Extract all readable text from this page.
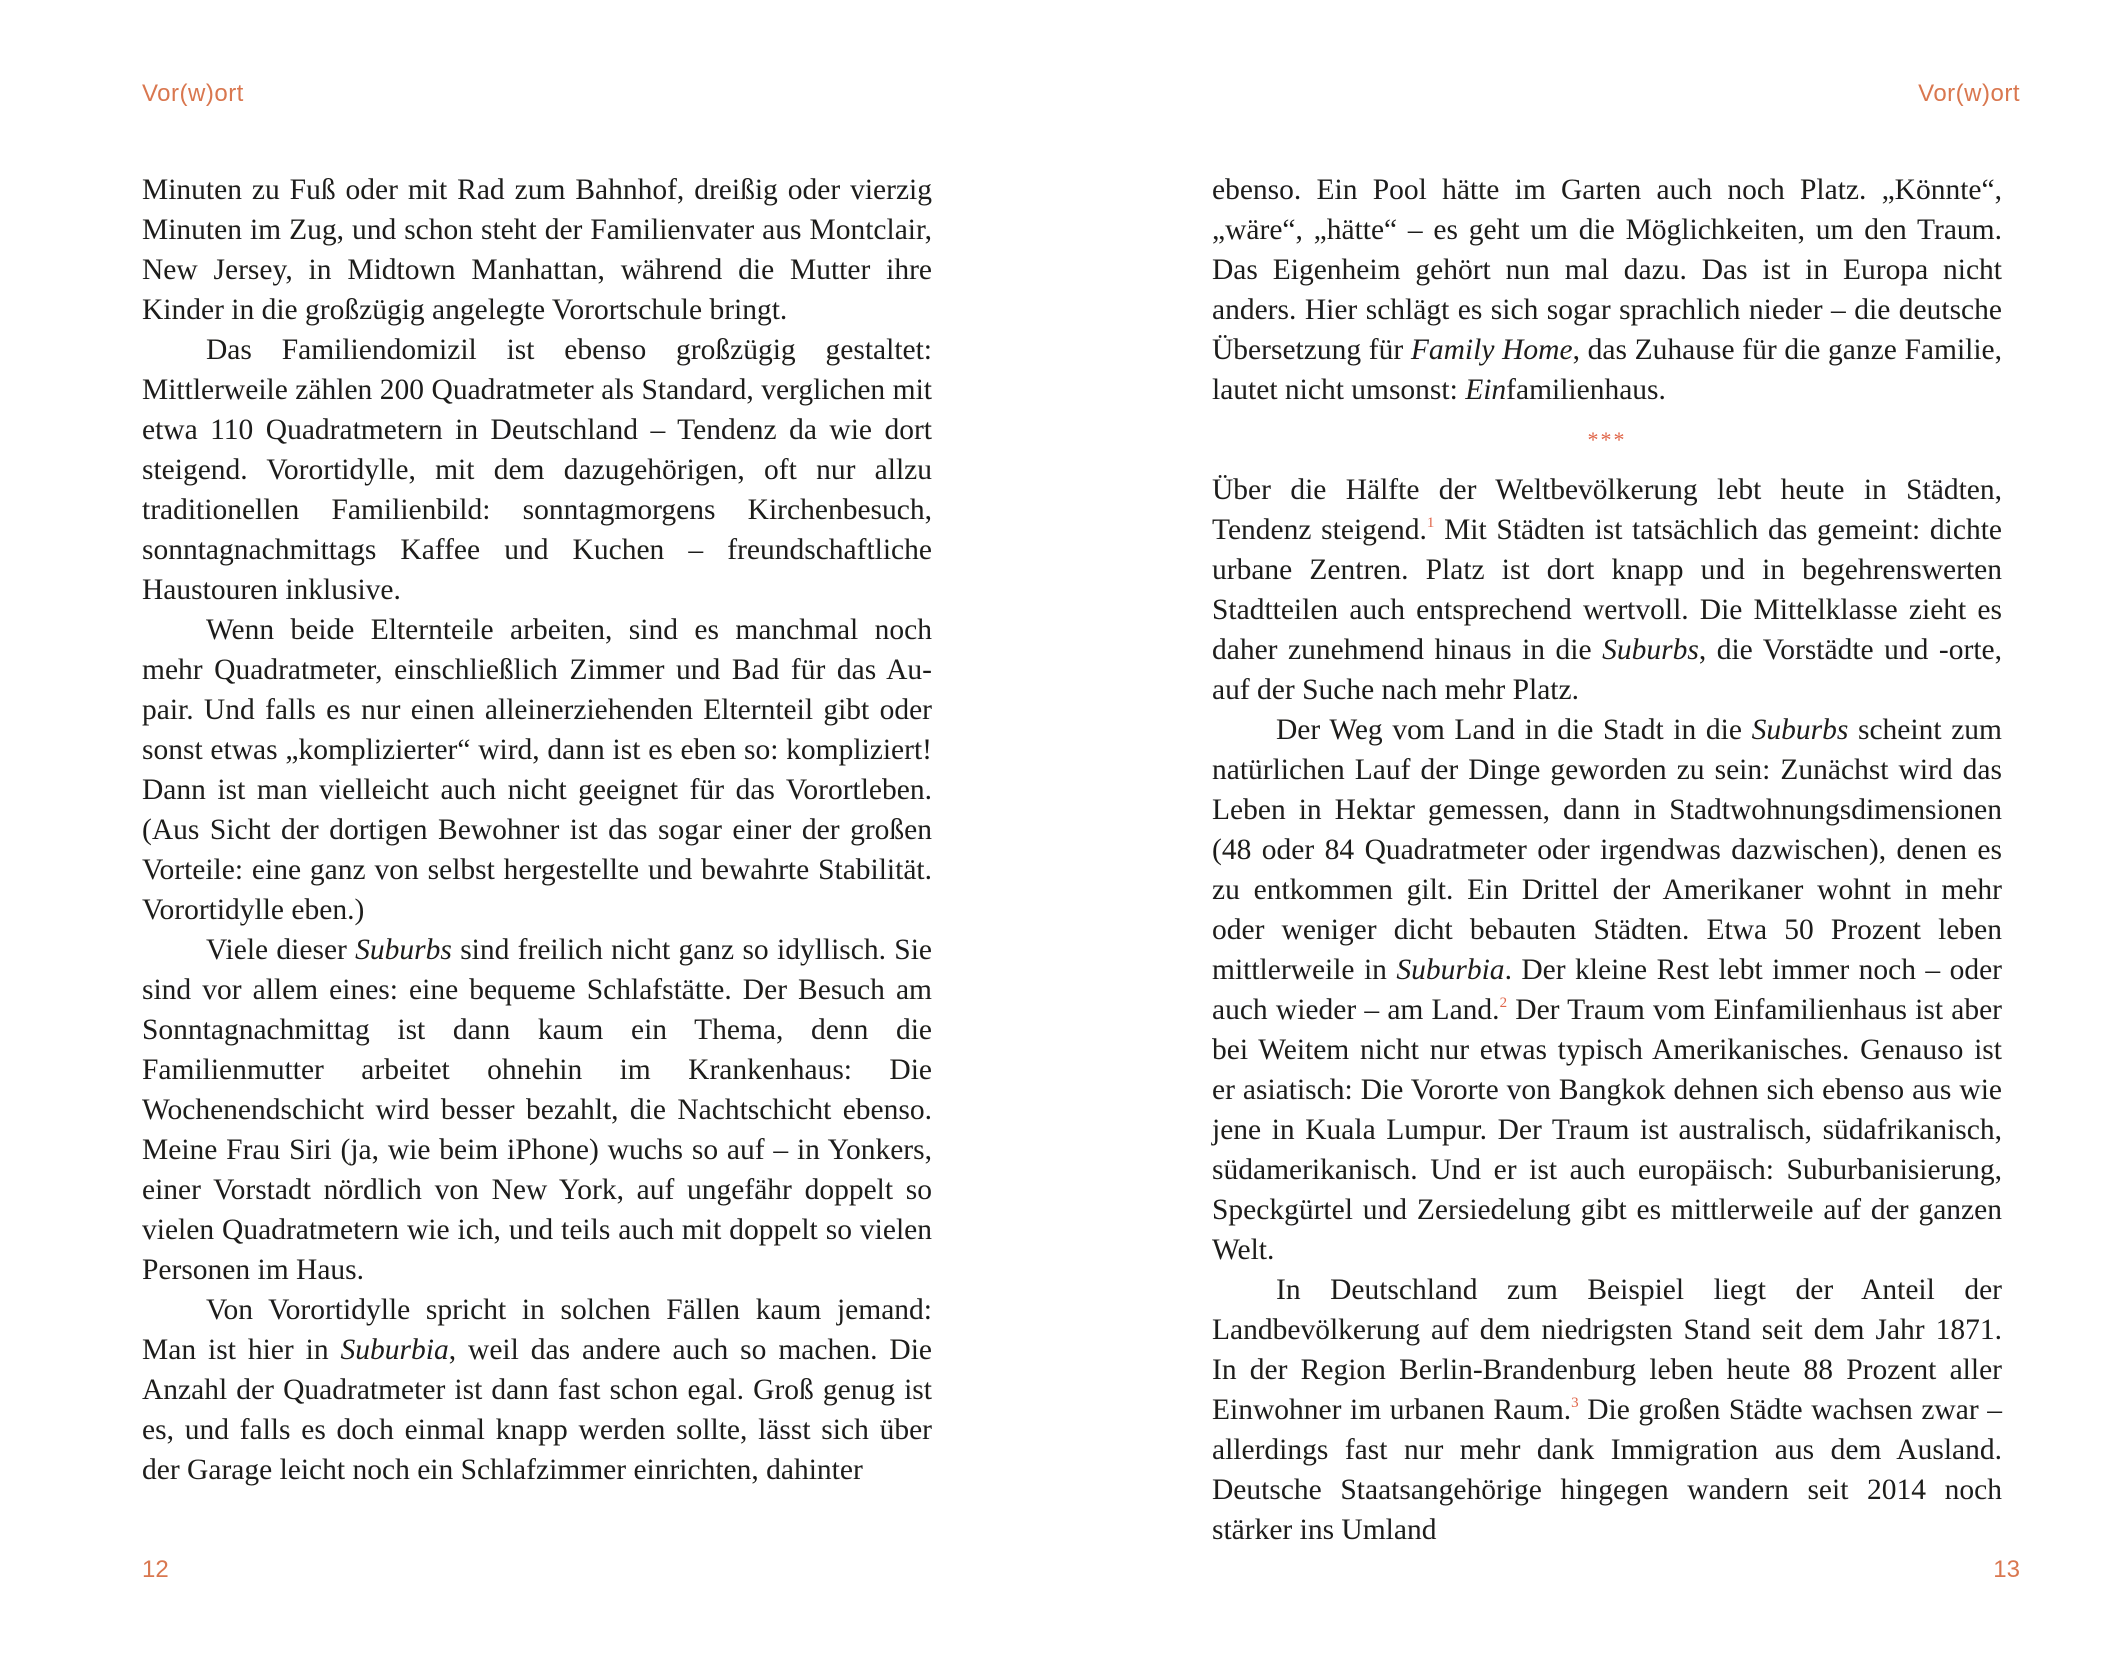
Vor(w)ort

Minuten zu Fuß oder mit Rad zum Bahnhof, dreißig oder vierzig Minuten im Zug, und schon steht der Familienvater aus Montclair, New Jersey, in Midtown Manhattan, während die Mutter ihre Kinder in die großzügig angelegte Vorortschule bringt.

Das Familiendomizil ist ebenso großzügig gestaltet: Mittlerweile zählen 200 Quadratmeter als Standard, verglichen mit etwa 110 Quadratmetern in Deutschland – Tendenz da wie dort steigend. Vorortidylle, mit dem dazugehörigen, oft nur allzu traditionellen Familienbild: sonntagmorgens Kirchenbesuch, sonntagnachmittags Kaffee und Kuchen – freundschaftliche Haustouren inklusive.

Wenn beide Elternteile arbeiten, sind es manchmal noch mehr Quadratmeter, einschließlich Zimmer und Bad für das Au-pair. Und falls es nur einen alleinerziehenden Elternteil gibt oder sonst etwas „komplizierter“ wird, dann ist es eben so: kompliziert! Dann ist man vielleicht auch nicht geeignet für das Vorortleben. (Aus Sicht der dortigen Bewohner ist das sogar einer der großen Vorteile: eine ganz von selbst hergestellte und bewahrte Stabilität. Vorortidylle eben.)

Viele dieser Suburbs sind freilich nicht ganz so idyllisch. Sie sind vor allem eines: eine bequeme Schlafstätte. Der Besuch am Sonntagnachmittag ist dann kaum ein Thema, denn die Familienmutter arbeitet ohnehin im Krankenhaus: Die Wochenendschicht wird besser bezahlt, die Nachtschicht ebenso. Meine Frau Siri (ja, wie beim iPhone) wuchs so auf – in Yonkers, einer Vorstadt nördlich von New York, auf ungefähr doppelt so vielen Quadratmetern wie ich, und teils auch mit doppelt so vielen Personen im Haus.

Von Vorortidylle spricht in solchen Fällen kaum jemand: Man ist hier in Suburbia, weil das andere auch so machen. Die Anzahl der Quadratmeter ist dann fast schon egal. Groß genug ist es, und falls es doch einmal knapp werden sollte, lässt sich über der Garage leicht noch ein Schlafzimmer einrichten, dahinter

12
Vor(w)ort

ebenso. Ein Pool hätte im Garten auch noch Platz. „Könnte“, „wäre“, „hätte“ – es geht um die Möglichkeiten, um den Traum. Das Eigenheim gehört nun mal dazu. Das ist in Europa nicht anders. Hier schlägt es sich sogar sprachlich nieder – die deutsche Übersetzung für Family Home, das Zuhause für die ganze Familie, lautet nicht umsonst: Einfamilienhaus.

***

Über die Hälfte der Weltbevölkerung lebt heute in Städten, Tendenz steigend.$^1$ Mit Städten ist tatsächlich das gemeint: dichte urbane Zentren. Platz ist dort knapp und in begehrenswerten Stadtteilen auch entsprechend wertvoll. Die Mittelklasse zieht es daher zunehmend hinaus in die Suburbs, die Vorstädte und -orte, auf der Suche nach mehr Platz.

Der Weg vom Land in die Stadt in die Suburbs scheint zum natürlichen Lauf der Dinge geworden zu sein: Zunächst wird das Leben in Hektar gemessen, dann in Stadtwohnungsdimensionen (48 oder 84 Quadratmeter oder irgendwas dazwischen), denen es zu entkommen gilt. Ein Drittel der Amerikaner wohnt in mehr oder weniger dicht bebauten Städten. Etwa 50 Prozent leben mittlerweile in Suburbia. Der kleine Rest lebt immer noch – oder auch wieder – am Land.$^2$ Der Traum vom Einfamilienhaus ist aber bei Weitem nicht nur etwas typisch Amerikanisches. Genauso ist er asiatisch: Die Vororte von Bangkok dehnen sich ebenso aus wie jene in Kuala Lumpur. Der Traum ist australisch, südafrikanisch, südamerikanisch. Und er ist auch europäisch: Suburbanisierung, Speckgürtel und Zersiedelung gibt es mittlerweile auf der ganzen Welt.

In Deutschland zum Beispiel liegt der Anteil der Landbevölkerung auf dem niedrigsten Stand seit dem Jahr 1871. In der Region Berlin-Brandenburg leben heute 88 Prozent aller Einwohner im urbanen Raum.$^3$ Die großen Städte wachsen zwar – allerdings fast nur mehr dank Immigration aus dem Ausland. Deutsche Staatsangehörige hingegen wandern seit 2014 noch stärker ins Umland

13
